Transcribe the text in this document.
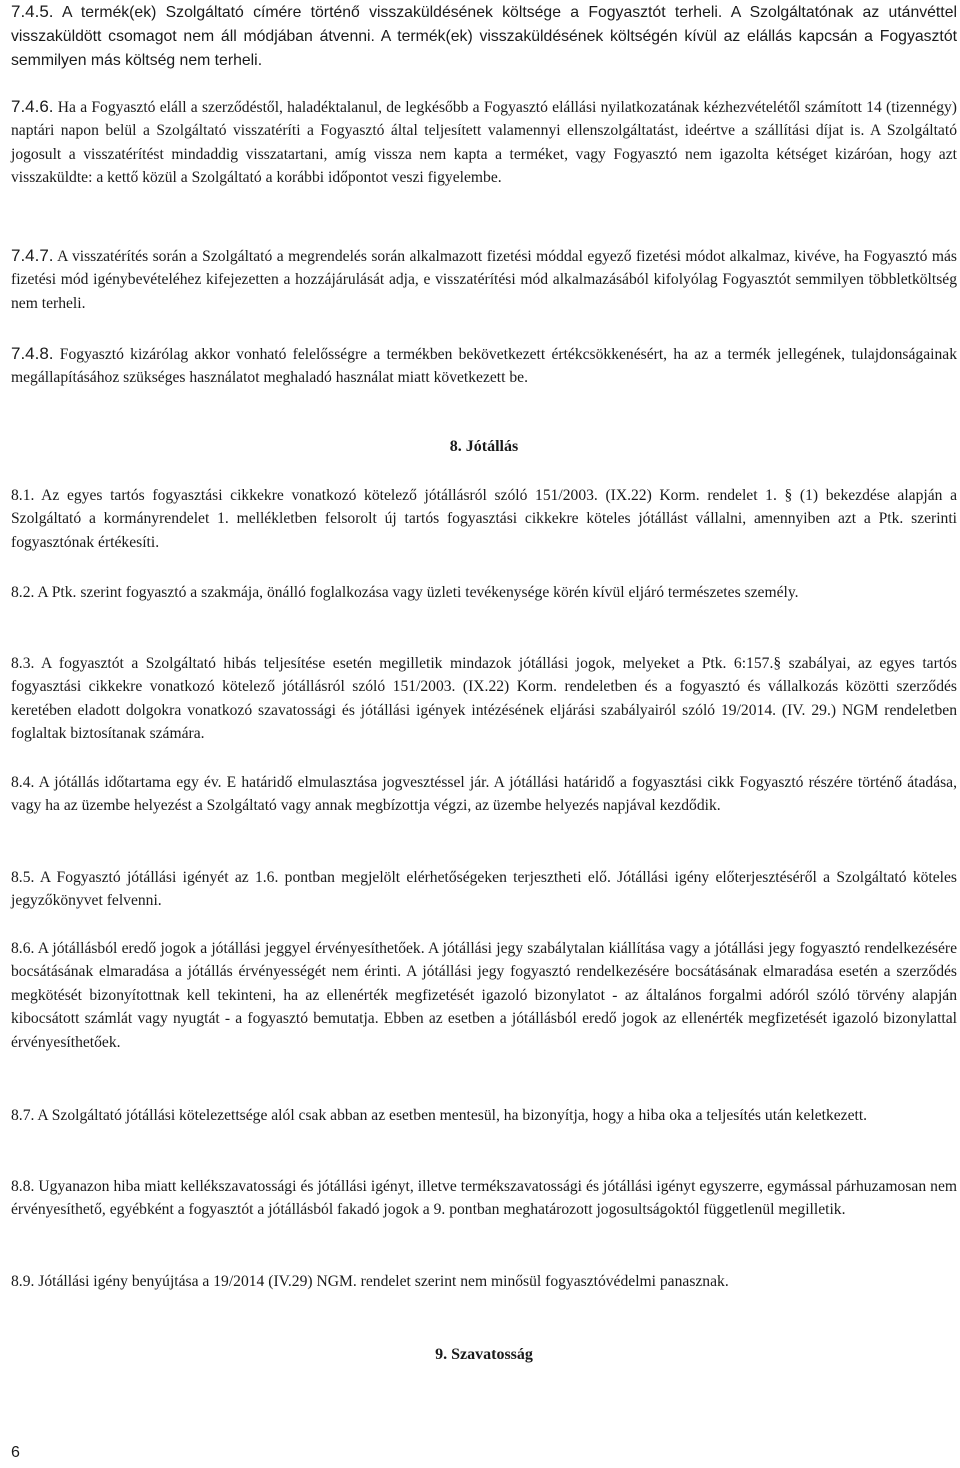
7.4.5. A termék(ek) Szolgáltató címére történő visszaküldésének költsége a Fogyasztót terheli. A Szolgáltatónak az utánvéttel visszaküldött csomagot nem áll módjában átvenni. A termék(ek) visszaküldésének költségén kívül az elállás kapcsán a Fogyasztót semmilyen más költség nem terheli.

7.4.6. Ha a Fogyasztó eláll a szerződéstől, haladéktalanul, de legkésőbb a Fogyasztó elállási nyilatkozatának kézhezvételétől számított 14 (tizennégy) naptári napon belül a Szolgáltató visszatéríti a Fogyasztó által teljesített valamennyi ellenszolgáltatást, ideértve a szállítási díjat is. A Szolgáltató jogosult a visszatérítést mindaddig visszatartani, amíg vissza nem kapta a terméket, vagy Fogyasztó nem igazolta kétséget kizáróan, hogy azt visszaküldte: a kettő közül a Szolgáltató a korábbi időpontot veszi figyelembe.

7.4.7. A visszatérítés során a Szolgáltató a megrendelés során alkalmazott fizetési móddal egyező fizetési módot alkalmaz, kivéve, ha Fogyasztó más fizetési mód igénybevételéhez kifejezetten a hozzájárulását adja, e visszatérítési mód alkalmazásából kifolyólag Fogyasztót semmilyen többletköltség nem terheli.

7.4.8. Fogyasztó kizárólag akkor vonható felelősségre a termékben bekövetkezett értékcsökkenésért, ha az a termék jellegének, tulajdonságainak megállapításához szükséges használatot meghaladó használat miatt következett be.

8. Jótállás

8.1. Az egyes tartós fogyasztási cikkekre vonatkozó kötelező jótállásról szóló 151/2003. (IX.22) Korm. rendelet 1. § (1) bekezdése alapján a Szolgáltató a kormányrendelet 1. mellékletben felsorolt új tartós fogyasztási cikkekre köteles jótállást vállalni, amennyiben azt a Ptk. szerinti fogyasztónak értékesíti.

8.2. A Ptk. szerint fogyasztó a szakmája, önálló foglalkozása vagy üzleti tevékenysége körén kívül eljáró természetes személy.

8.3. A fogyasztót a Szolgáltató hibás teljesítése esetén megilletik mindazok jótállási jogok, melyeket a Ptk. 6:157.§ szabályai, az egyes tartós fogyasztási cikkekre vonatkozó kötelező jótállásról szóló 151/2003. (IX.22) Korm. rendeletben és a fogyasztó és vállalkozás közötti szerződés keretében eladott dolgokra vonatkozó szavatossági és jótállási igények intézésének eljárási szabályairól szóló 19/2014. (IV. 29.) NGM rendeletben foglaltak biztosítanak számára.

8.4. A jótállás időtartama egy év. E határidő elmulasztása jogvesztéssel jár. A jótállási határidő a fogyasztási cikk Fogyasztó részére történő átadása, vagy ha az üzembe helyezést a Szolgáltató vagy annak megbízottja végzi, az üzembe helyezés napjával kezdődik.

8.5. A Fogyasztó jótállási igényét az 1.6. pontban megjelölt elérhetőségeken terjesztheti elő. Jótállási igény előterjesztéséről a Szolgáltató köteles jegyzőkönyvet felvenni.

8.6. A jótállásból eredő jogok a jótállási jeggyel érvényesíthetőek. A jótállási jegy szabálytalan kiállítása vagy a jótállási jegy fogyasztó rendelkezésére bocsátásának elmaradása a jótállás érvényességét nem érinti. A jótállási jegy fogyasztó rendelkezésére bocsátásának elmaradása esetén a szerződés megkötését bizonyítottnak kell tekinteni, ha az ellenérték megfizetését igazoló bizonylatot - az általános forgalmi adóról szóló törvény alapján kibocsátott számlát vagy nyugtát - a fogyasztó bemutatja. Ebben az esetben a jótállásból eredő jogok az ellenérték megfizetését igazoló bizonylattal érvényesíthetőek.

8.7. A Szolgáltató jótállási kötelezettsége alól csak abban az esetben mentesül, ha bizonyítja, hogy a hiba oka a teljesítés után keletkezett.

8.8. Ugyanazon hiba miatt kellékszavatossági és jótállási igényt, illetve termékszavatossági és jótállási igényt egyszerre, egymással párhuzamosan nem érvényesíthető, egyébként a fogyasztót a jótállásból fakadó jogok a 9. pontban meghatározott jogosultságoktól függetlenül megilletik.

8.9. Jótállási igény benyújtása a 19/2014 (IV.29) NGM. rendelet szerint nem minősül fogyasztóvédelmi panasznak.

9. Szavatosság
6
